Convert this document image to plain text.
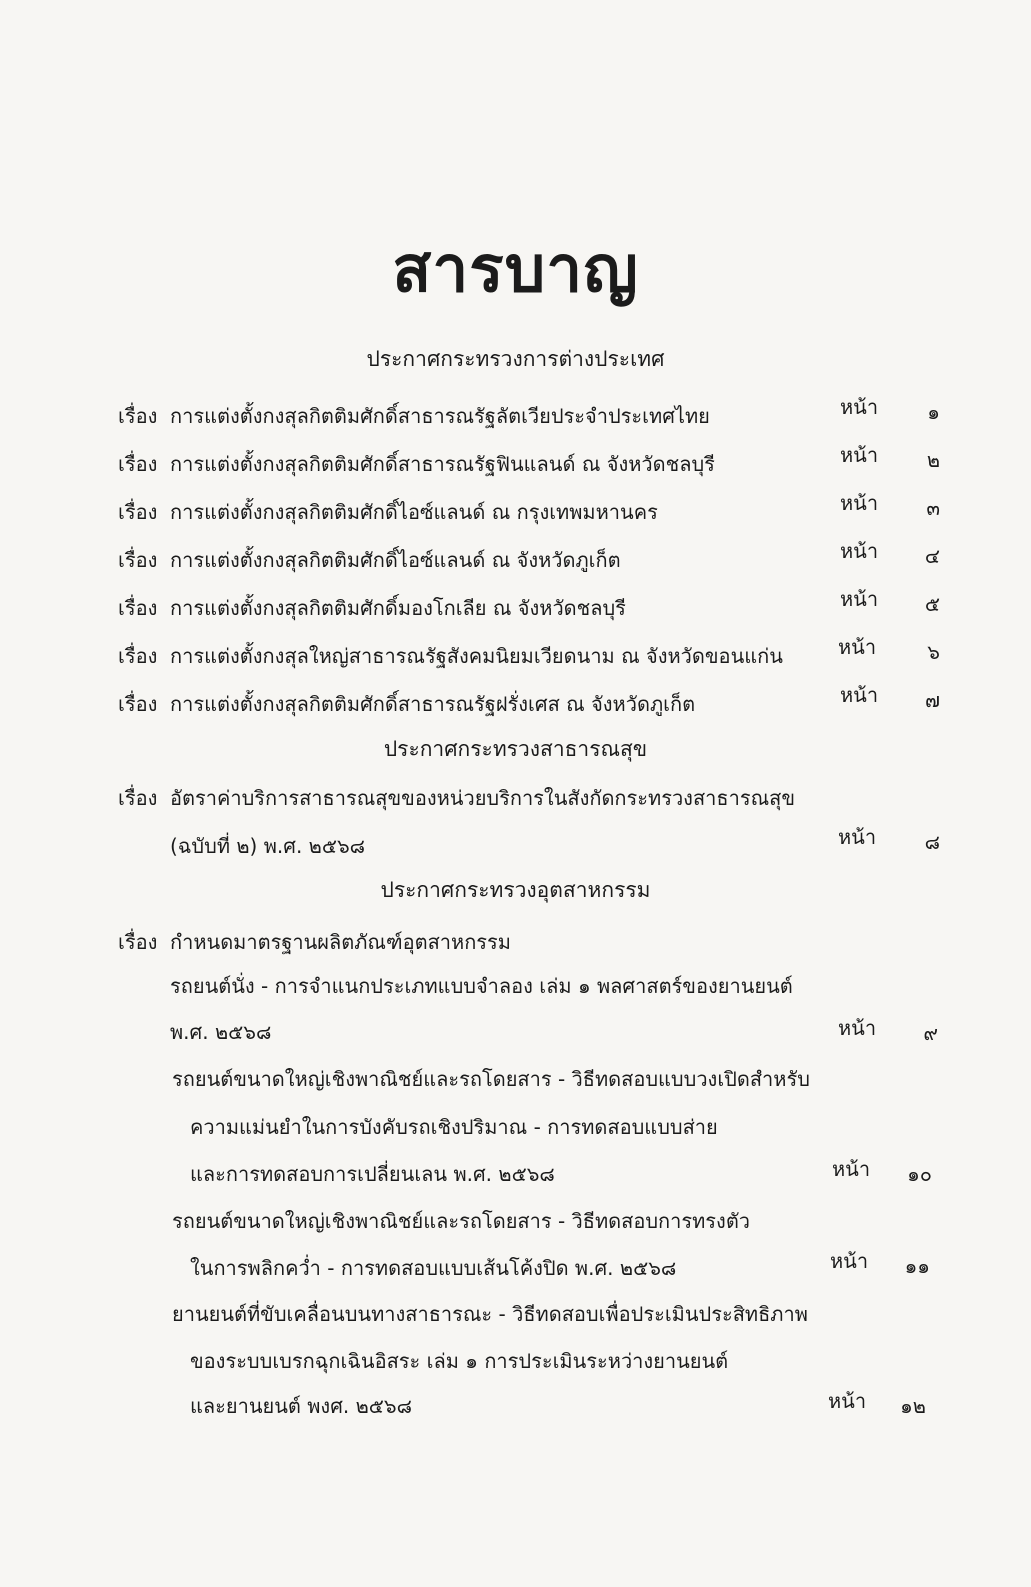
สารบาญ
ประกาศกระทรวงการต่างประเทศ
เรื่อง การแต่งตั้งกงสุลกิตติมศักดิ์สาธารณรัฐลัตเวียประจำประเทศไทย	หน้า	๑
เรื่อง การแต่งตั้งกงสุลกิตติมศักดิ์สาธารณรัฐฟินแลนด์ ณ จังหวัดชลบุรี	หน้า	๒
เรื่อง การแต่งตั้งกงสุลกิตติมศักดิ์ไอซ์แลนด์ ณ กรุงเทพมหานคร	หน้า	๓
เรื่อง การแต่งตั้งกงสุลกิตติมศักดิ์ไอซ์แลนด์ ณ จังหวัดภูเก็ต	หน้า	๔
เรื่อง การแต่งตั้งกงสุลกิตติมศักดิ์มองโกเลีย ณ จังหวัดชลบุรี	หน้า	๕
เรื่อง การแต่งตั้งกงสุลใหญ่สาธารณรัฐสังคมนิยมเวียดนาม ณ จังหวัดขอนแก่น	หน้า	๖
เรื่อง การแต่งตั้งกงสุลกิตติมศักดิ์สาธารณรัฐฝรั่งเศส ณ จังหวัดภูเก็ต	หน้า	๗
ประกาศกระทรวงสาธารณสุข
เรื่อง อัตราค่าบริการสาธารณสุขของหน่วยบริการในสังกัดกระทรวงสาธารณสุข
(ฉบับที่ ๒) พ.ศ. ๒๕๖๘	หน้า	๘
ประกาศกระทรวงอุตสาหกรรม
เรื่อง กำหนดมาตรฐานผลิตภัณฑ์อุตสาหกรรม
รถยนต์นั่ง - การจำแนกประเภทแบบจำลอง เล่ม ๑ พลศาสตร์ของยานยนต์
พ.ศ. ๒๕๖๘	หน้า	๙
รถยนต์ขนาดใหญ่เชิงพาณิชย์และรถโดยสาร - วิธีทดสอบแบบวงเปิดสำหรับ
ความแม่นยำในการบังคับรถเชิงปริมาณ - การทดสอบแบบส่าย
และการทดสอบการเปลี่ยนเลน พ.ศ. ๒๕๖๘	หน้า	๑๐
รถยนต์ขนาดใหญ่เชิงพาณิชย์และรถโดยสาร - วิธีทดสอบการทรงตัว
ในการพลิกคว่ำ - การทดสอบแบบเส้นโค้งปิด พ.ศ. ๒๕๖๘	หน้า	๑๑
ยานยนต์ที่ขับเคลื่อนบนทางสาธารณะ - วิธีทดสอบเพื่อประเมินประสิทธิภาพ
ของระบบเบรกฉุกเฉินอิสระ เล่ม ๑ การประเมินระหว่างยานยนต์
และยานยนต์ พงศ. ๒๕๖๘	หน้า	๑๒
